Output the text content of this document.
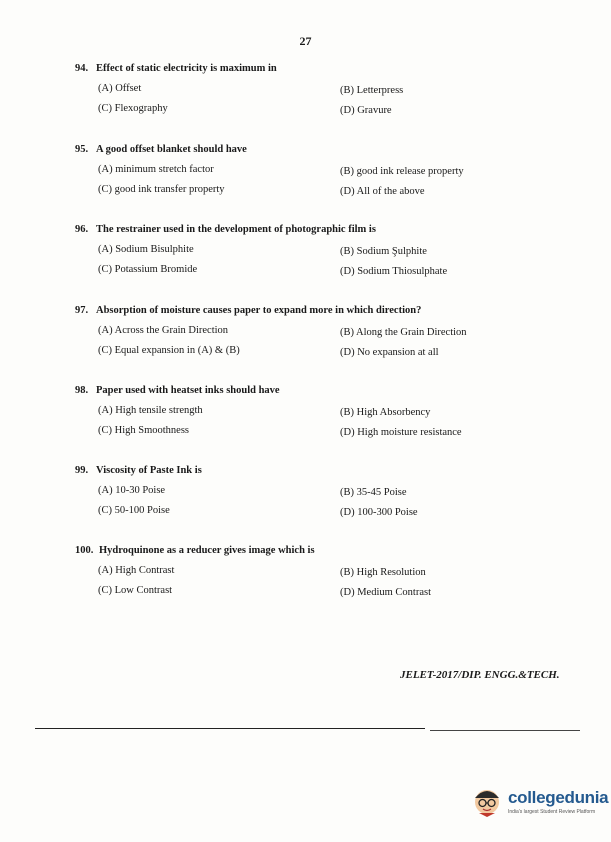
27
94. Effect of static electricity is maximum in
(A) Offset	(B) Letterpress
(C) Flexography	(D) Gravure
95. A good offset blanket should have
(A) minimum stretch factor	(B) good ink release property
(C) good ink transfer property	(D) All of the above
96. The restrainer used in the development of photographic film is
(A) Sodium Bisulphite	(B) Sodium Şulphite
(C) Potassium Bromide	(D) Sodium Thiosulphate
97. Absorption of moisture causes paper to expand more in which direction?
(A) Across the Grain Direction	(B) Along the Grain Direction
(C) Equal expansion in (A) & (B)	(D) No expansion at all
98. Paper used with heatset inks should have
(A) High tensile strength	(B) High Absorbency
(C) High Smoothness	(D) High moisture resistance
99. Viscosity of Paste Ink is
(A) 10-30 Poise	(B) 35-45 Poise
(C) 50-100 Poise	(D) 100-300 Poise
100. Hydroquinone as a reducer gives image which is
(A) High Contrast	(B) High Resolution
(C) Low Contrast	(D) Medium Contrast
JELET-2017/DIP. ENGG.&TECH.
collegedunia
India's largest Student Review Platform
